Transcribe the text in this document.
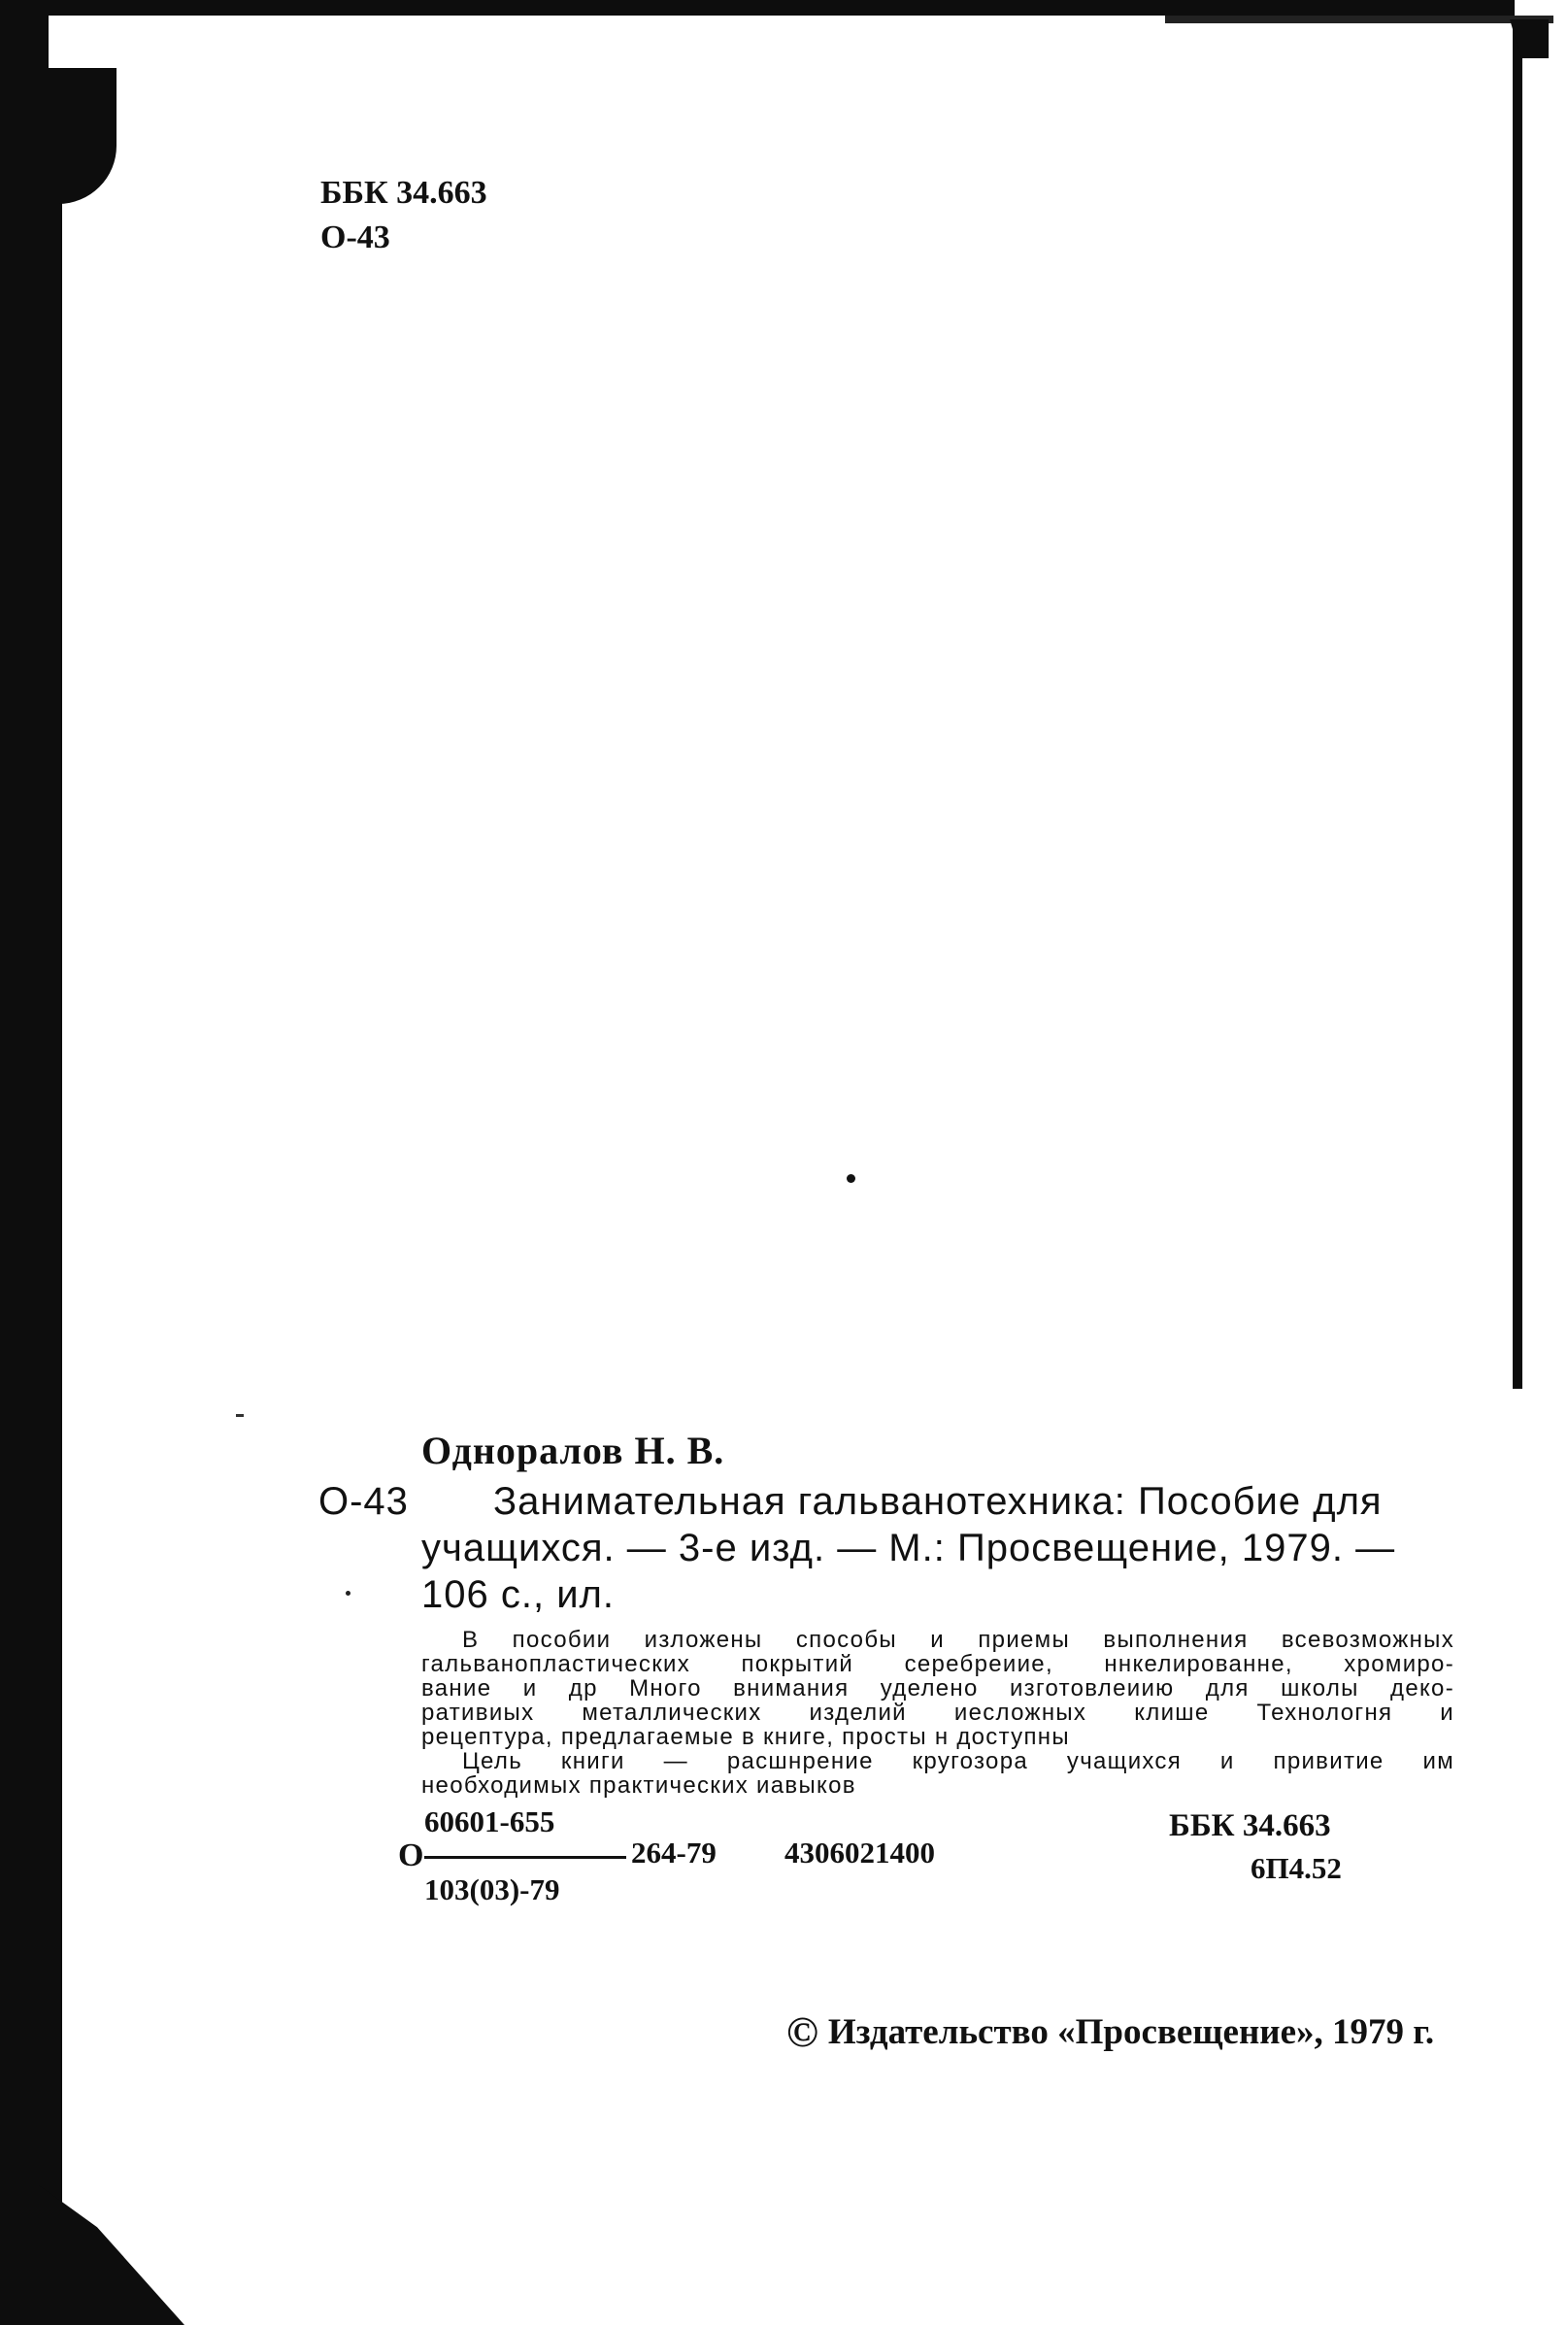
ББК 34.663
О-43
Одноралов Н. В.
О-43 Занимательная гальванотехника: Пособие для
учащихся. — 3-е изд. — М.: Просвещение, 1979. —
106 с., ил.

В пособии изложены способы и приемы выполнения всевозможных

гальванопластических покрытий серебреиие, ннкелированне, хромиро-

вание и др Много внимания уделено изготовлеиию для школы деко-

ративиых металлических изделий иесложных клише Технологня и

рецептура, предлагаемые в книге, просты н доступны

Цель книги — расшнрение кругозора учащихся и привитие им

необходимых практических иавыков

60601-655
О
103(03)-79
264-79 4306021400
ББК 34.663
6П4.52
© Издательство «Просвещение», 1979 г.
